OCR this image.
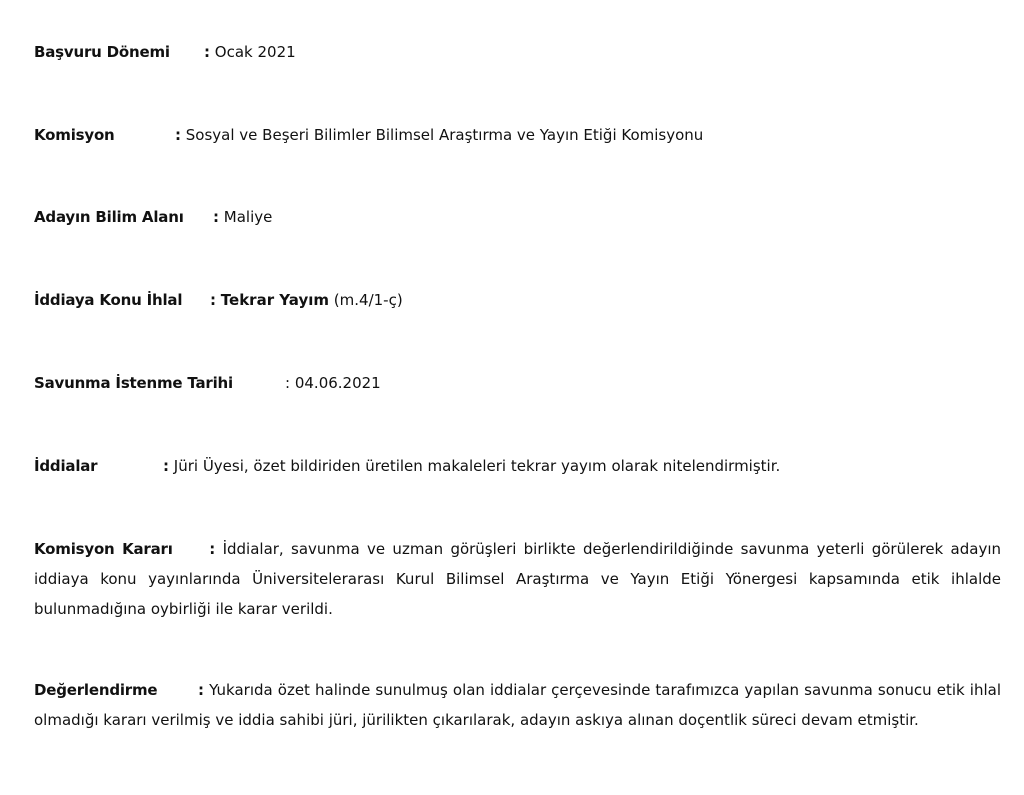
Başvuru Dönemi : Ocak 2021
Komisyon	: Sosyal ve Beşeri Bilimler Bilimsel Araştırma ve Yayın Etiği Komisyonu
Adayın Bilim Alanı : Maliye
İddiaya Konu İhlal : Tekrar Yayım (m.4/1-ç)
Savunma İstenme Tarihi	: 04.06.2021
İddialar	: Jüri Üyesi, özet bildiriden üretilen makaleleri tekrar yayım olarak nitelendirmiştir.
Komisyon Kararı : İddialar, savunma ve uzman görüşleri birlikte değerlendirildiğinde savunma yeterli görülerek adayın iddiaya konu yayınlarında Üniversitelerarası Kurul Bilimsel Araştırma ve Yayın Etiği Yönergesi kapsamında etik ihlalde bulunmadığına oybirliği ile karar verildi.
Değerlendirme	: Yukarıda özet halinde sunulmuş olan iddialar çerçevesinde tarafımızca yapılan savunma sonucu etik ihlal olmadığı kararı verilmiş ve iddia sahibi jüri, jürilikten çıkarılarak, adayın askıya alınan doçentlik süreci devam etmiştir.
